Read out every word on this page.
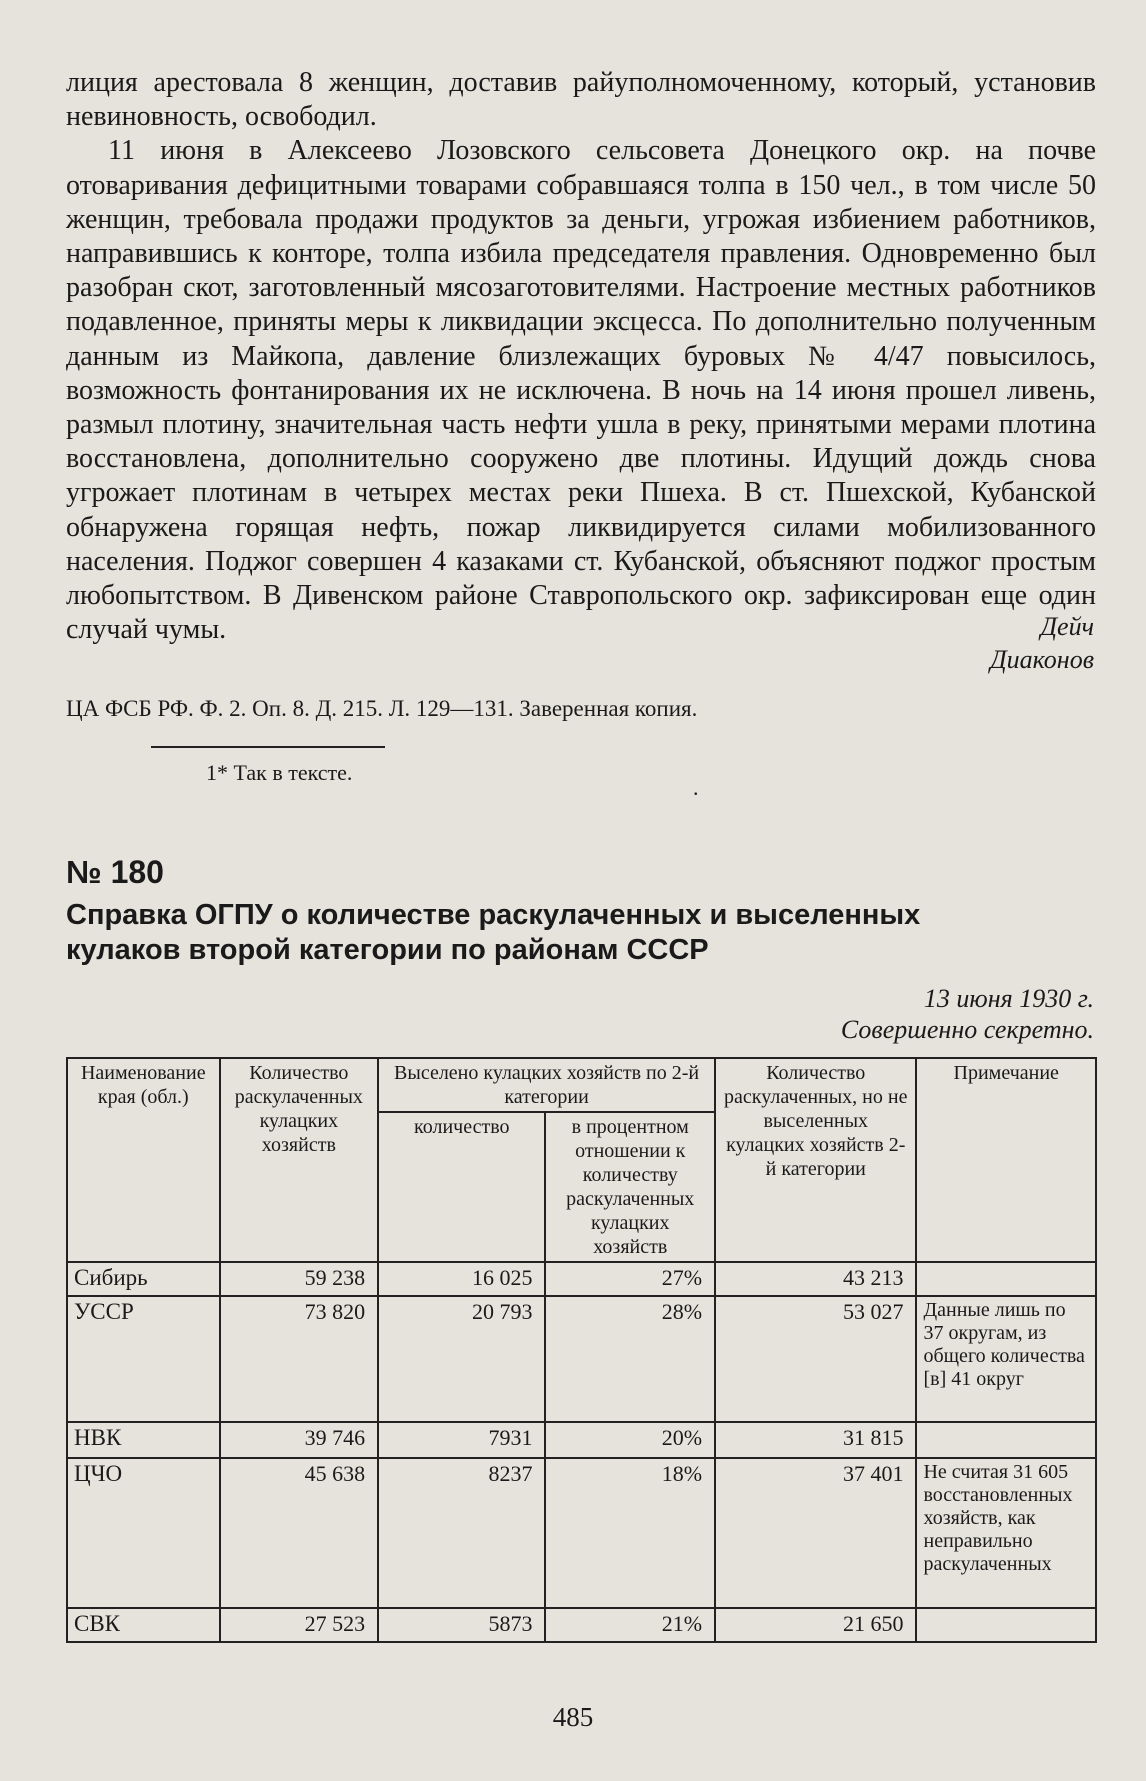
лиция арестовала 8 женщин, доставив райуполномоченному, который, установив невиновность, освободил.

11 июня в Алексеево Лозовского сельсовета Донецкого окр. на почве отоваривания дефицитными товарами собравшаяся толпа в 150 чел., в том числе 50 женщин, требовала продажи продуктов за деньги, угрожая избиением работников, направившись к конторе, толпа избила председателя правления. Одновременно был разобран скот, заготовленный мясозаготовителями. Настроение местных работников подавленное, приняты меры к ликвидации эксцесса. По дополнительно полученным данным из Майкопа, давление близлежащих буровых № 4/47 повысилось, возможность фонтанирования их не исключена. В ночь на 14 июня прошел ливень, размыл плотину, значительная часть нефти ушла в реку, принятыми мерами плотина восстановлена, дополнительно сооружено две плотины. Идущий дождь снова угрожает плотинам в четырех местах реки Пшеха. В ст. Пшехской, Кубанской обнаружена горящая нефть, пожар ликвидируется силами мобилизованного населения. Поджог совершен 4 казаками ст. Кубанской, объясняют поджог простым любопытством. В Дивенском районе Ставропольского окр. зафиксирован еще один случай чумы.	Дейч
Диаконов
ЦА ФСБ РФ. Ф. 2. Оп. 8. Д. 215. Л. 129—131. Заверенная копия.
1* Так в тексте.
.
№ 180
Справка ОГПУ о количестве раскулаченных и выселенных кулаков второй категории по районам СССР
13 июня 1930 г.
Совершенно секретно.
Наименование края (обл.)	Количество раскулаченных кулацких хозяйств	Выселено кулацких хозяйств по 2-й категории		Количество раскулаченных, но не выселенных кулацких хозяйств 2-й категории	Примечание
		количество	в процентном отношении к количеству раскулаченных кулацких хозяйств		
Сибирь	59 238	16 025	27%	43 213	
УССР	73 820	20 793	28%	53 027	Данные лишь по 37 округам, из общего количества [в] 41 округ
НВК	39 746	7931	20%	31 815	
ЦЧО	45 638	8237	18%	37 401	Не считая 31 605 восстановленных хозяйств, как неправильно раскулаченных
СВК	27 523	5873	21%	21 650	
485
